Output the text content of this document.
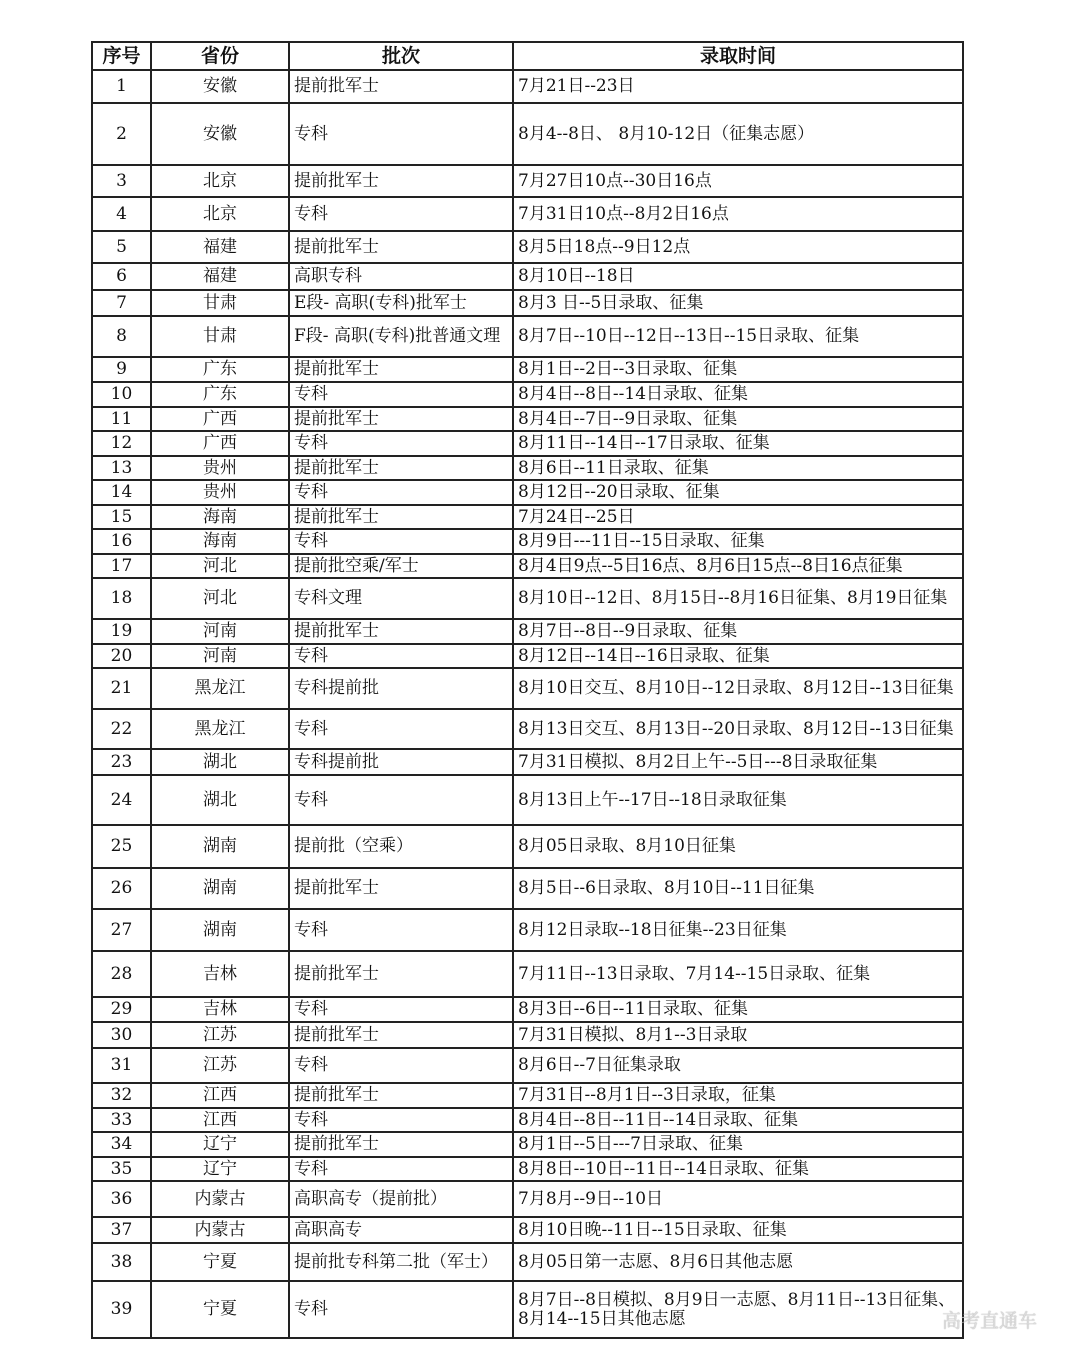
序号	省份	批次	录取时间
1	安徽	提前批军士	7月21日--23日
2	安徽	专科	8月4--8日、 8月10-12日（征集志愿）
3	北京	提前批军士	7月27日10点--30日16点
4	北京	专科	7月31日10点--8月2日16点
5	福建	提前批军士	8月5日18点--9日12点
6	福建	高职专科	8月10日--18日
7	甘肃	E段- 高职(专科)批军士	8月3 日--5日录取、征集
8	甘肃	F段- 高职(专科)批普通文理	8月7日--10日--12日--13日--15日录取、征集
9	广东	提前批军士	8月1日--2日--3日录取、征集
10	广东	专科	8月4日--8日--14日录取、征集
11	广西	提前批军士	8月4日--7日--9日录取、征集
12	广西	专科	8月11日--14日--17日录取、征集
13	贵州	提前批军士	8月6日--11日录取、征集
14	贵州	专科	8月12日--20日录取、征集
15	海南	提前批军士	7月24日--25日
16	海南	专科	8月9日---11日--15日录取、征集
17	河北	提前批空乘/军士	8月4日9点--5日16点、8月6日15点--8日16点征集
18	河北	专科文理	8月10日--12日、8月15日--8月16日征集、8月19日征集
19	河南	提前批军士	8月7日--8日--9日录取、征集
20	河南	专科	8月12日--14日--16日录取、征集
21	黑龙江	专科提前批	8月10日交互、8月10日--12日录取、8月12日--13日征集
22	黑龙江	专科	8月13日交互、8月13日--20日录取、8月12日--13日征集
23	湖北	专科提前批	7月31日模拟、8月2日上午--5日---8日录取征集
24	湖北	专科	8月13日上午--17日--18日录取征集
25	湖南	提前批（空乘）	8月05日录取、8月10日征集
26	湖南	提前批军士	8月5日--6日录取、8月10日--11日征集
27	湖南	专科	8月12日录取--18日征集--23日征集
28	吉林	提前批军士	7月11日--13日录取、7月14--15日录取、征集
29	吉林	专科	8月3日--6日--11日录取、征集
30	江苏	提前批军士	7月31日模拟、8月1--3日录取
31	江苏	专科	8月6日--7日征集录取
32	江西	提前批军士	7月31日--8月1日--3日录取，征集
33	江西	专科	8月4日--8日--11日--14日录取、征集
34	辽宁	提前批军士	8月1日--5日---7日录取、征集
35	辽宁	专科	8月8日--10日--11日--14日录取、征集
36	内蒙古	高职高专（提前批）	7月8月--9日--10日
37	内蒙古	高职高专	8月10日晚--11日--15日录取、征集
38	宁夏	提前批专科第二批（军士）	8月05日第一志愿、8月6日其他志愿
39	宁夏	专科	8月7日--8日模拟、8月9日一志愿、8月11日--13日征集、8月14--15日其他志愿	高考直通车
